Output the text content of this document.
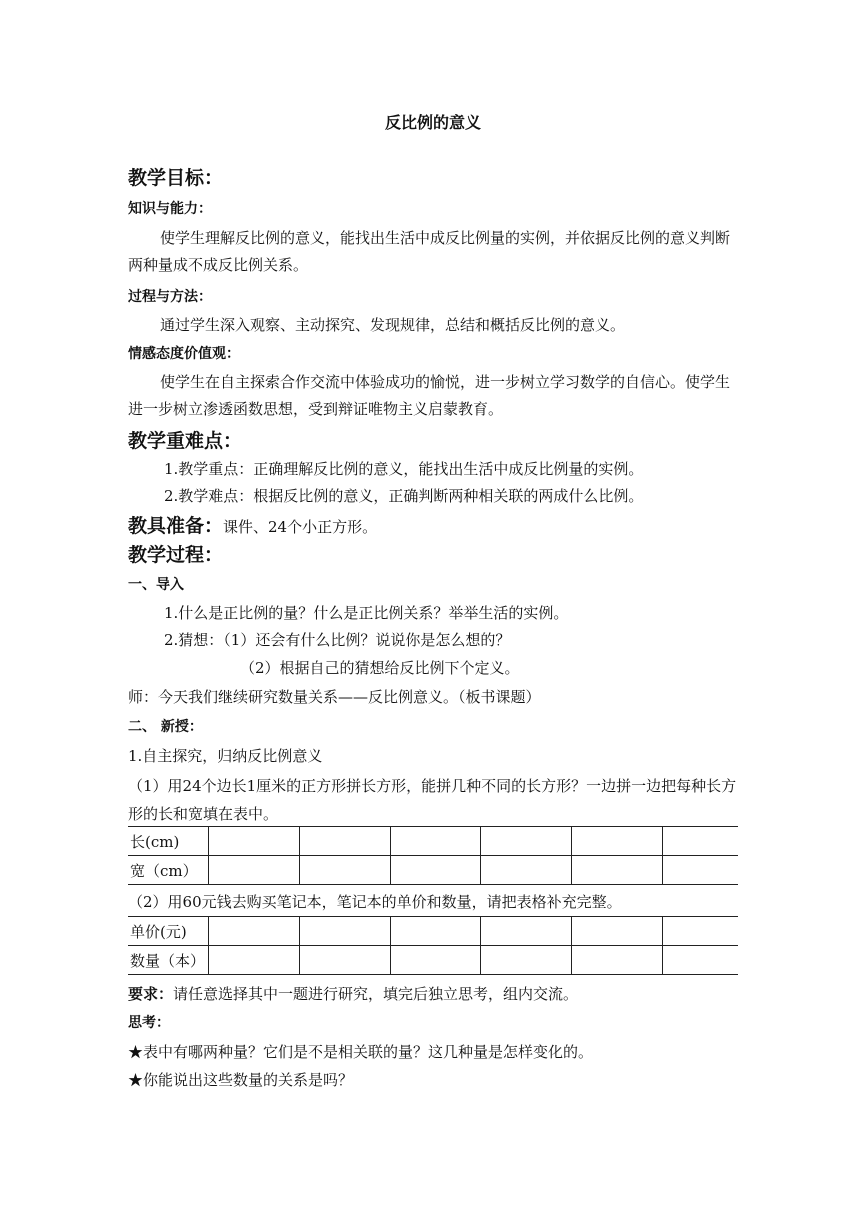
反比例的意义
教学目标：
知识与能力：
使学生理解反比例的意义，能找出生活中成反比例量的实例，并依据反比例的意义判断两种量成不成反比例关系。
过程与方法：
通过学生深入观察、主动探究、发现规律，总结和概括反比例的意义。
情感态度价值观：
使学生在自主探索合作交流中体验成功的愉悦，进一步树立学习数学的自信心。使学生进一步树立渗透函数思想，受到辩证唯物主义启蒙教育。
教学重难点：
1.教学重点：正确理解反比例的意义，能找出生活中成反比例量的实例。
2.教学难点：根据反比例的意义，正确判断两种相关联的两成什么比例。
教具准备：课件、24个小正方形。
教学过程：
一、导入
1.什么是正比例的量？什么是正比例关系？举举生活的实例。
2.猜想：（1）还会有什么比例？说说你是怎么想的？
（2）根据自己的猜想给反比例下个定义。
师：今天我们继续研究数量关系——反比例意义。（板书课题）
二、 新授：
1.自主探究，归纳反比例意义
（1）用24个边长1厘米的正方形拼长方形，能拼几种不同的长方形？一边拼一边把每种长方形的长和宽填在表中。
长(cm)						
宽（cm）						
（2）用60元钱去购买笔记本，笔记本的单价和数量，请把表格补充完整。
单价(元)						
数量（本）						
要求：请任意选择其中一题进行研究，填完后独立思考，组内交流。
思考：
★表中有哪两种量？它们是不是相关联的量？这几种量是怎样变化的。
★你能说出这些数量的关系是吗？
